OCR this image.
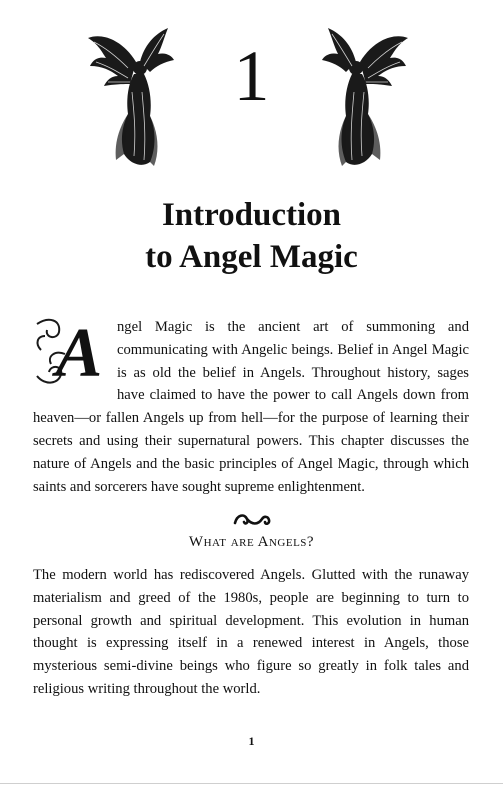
1
Introduction
to Angel Magic

A ngel Magic is the ancient art of summoning and communicating with Angelic beings. Belief in Angel Magic is as old the belief in Angels. Throughout history, sages have claimed to have the power to call Angels down from heaven—or fallen Angels up from hell—for the purpose of learning their secrets and using their supernatural powers. This chapter discusses the nature of Angels and the basic principles of Angel Magic, through which saints and sorcerers have sought supreme enlightenment.

What are Angels?

The modern world has rediscovered Angels. Glutted with the runaway materialism and greed of the 1980s, people are beginning to turn to personal growth and spiritual development. This evolution in human thought is expressing itself in a renewed interest in Angels, those mysterious semi-divine beings who figure so greatly in folk tales and religious writing throughout the world.

1
